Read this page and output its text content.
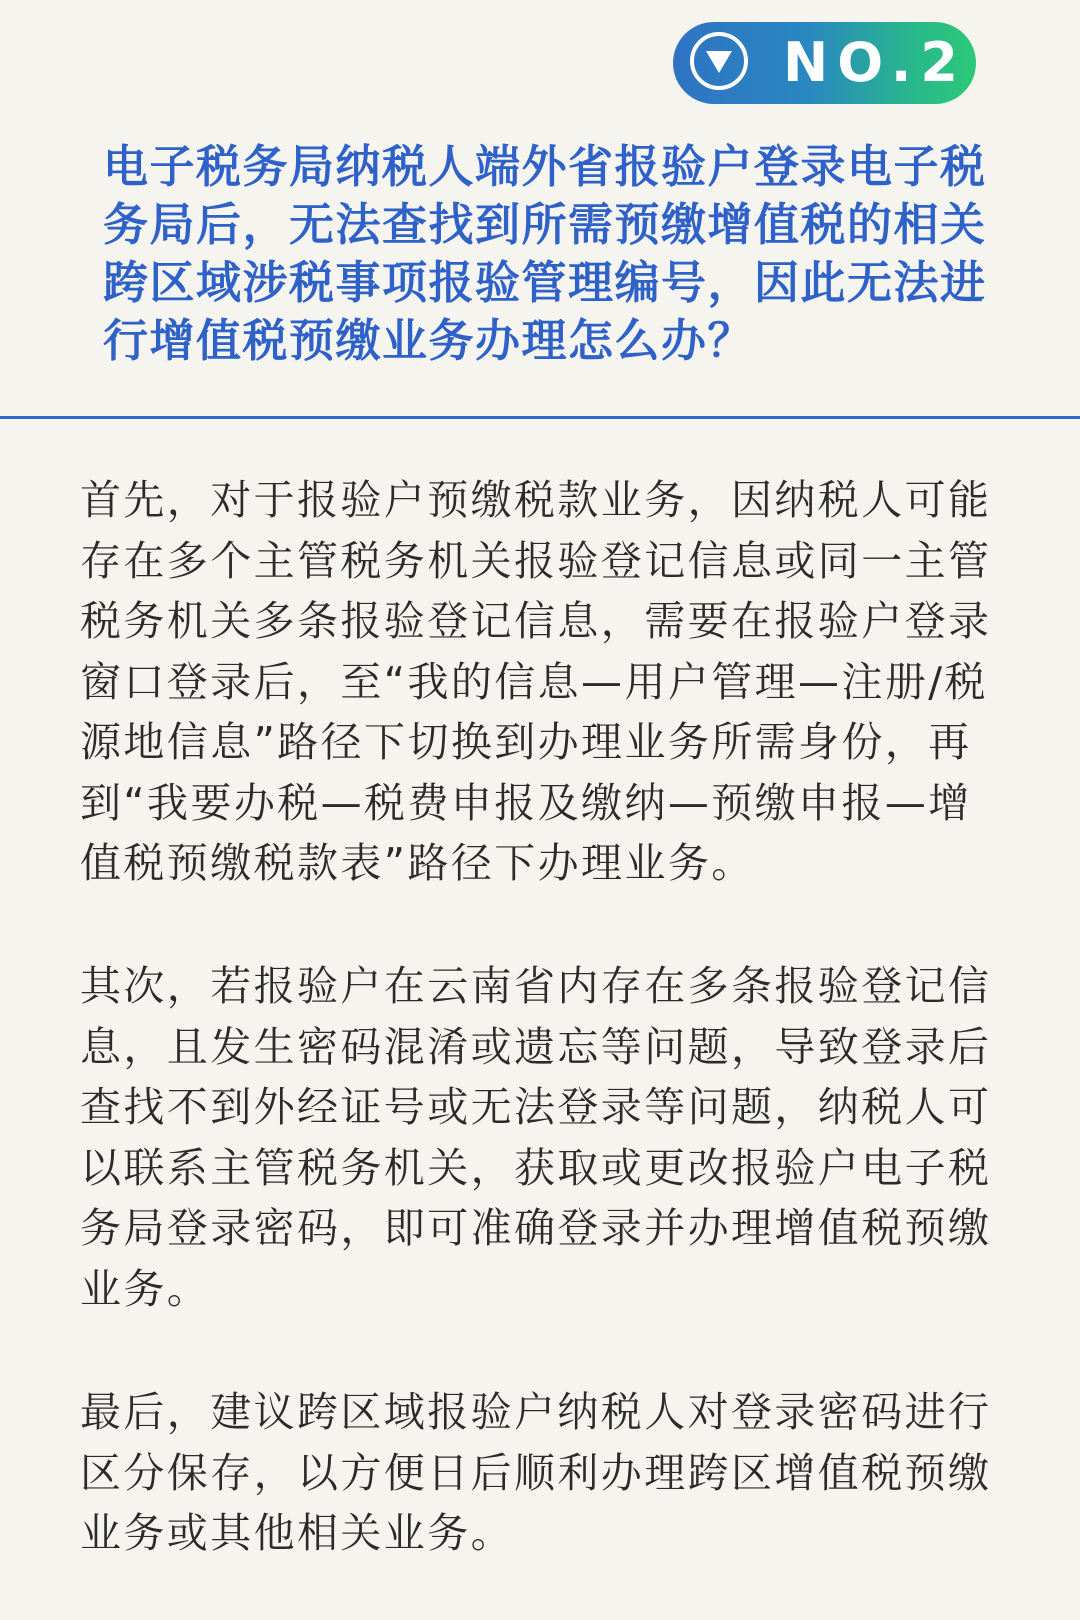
NO.2
电子税务局纳税人端外省报验户登录电子税务局后，无法查找到所需预缴增值税的相关跨区域涉税事项报验管理编号，因此无法进行增值税预缴业务办理怎么办？

首先，对于报验户预缴税款业务，因纳税人可能存在多个主管税务机关报验登记信息或同一主管税务机关多条报验登记信息，需要在报验户登录窗口登录后，至“我的信息—用户管理—注册/税源地信息”路径下切换到办理业务所需身份，再到“我要办税—税费申报及缴纳—预缴申报—增值税预缴税款表”路径下办理业务。

其次，若报验户在云南省内存在多条报验登记信息，且发生密码混淆或遗忘等问题，导致登录后查找不到外经证号或无法登录等问题，纳税人可以联系主管税务机关，获取或更改报验户电子税务局登录密码，即可准确登录并办理增值税预缴业务。

最后，建议跨区域报验户纳税人对登录密码进行区分保存，以方便日后顺利办理跨区增值税预缴业务或其他相关业务。
